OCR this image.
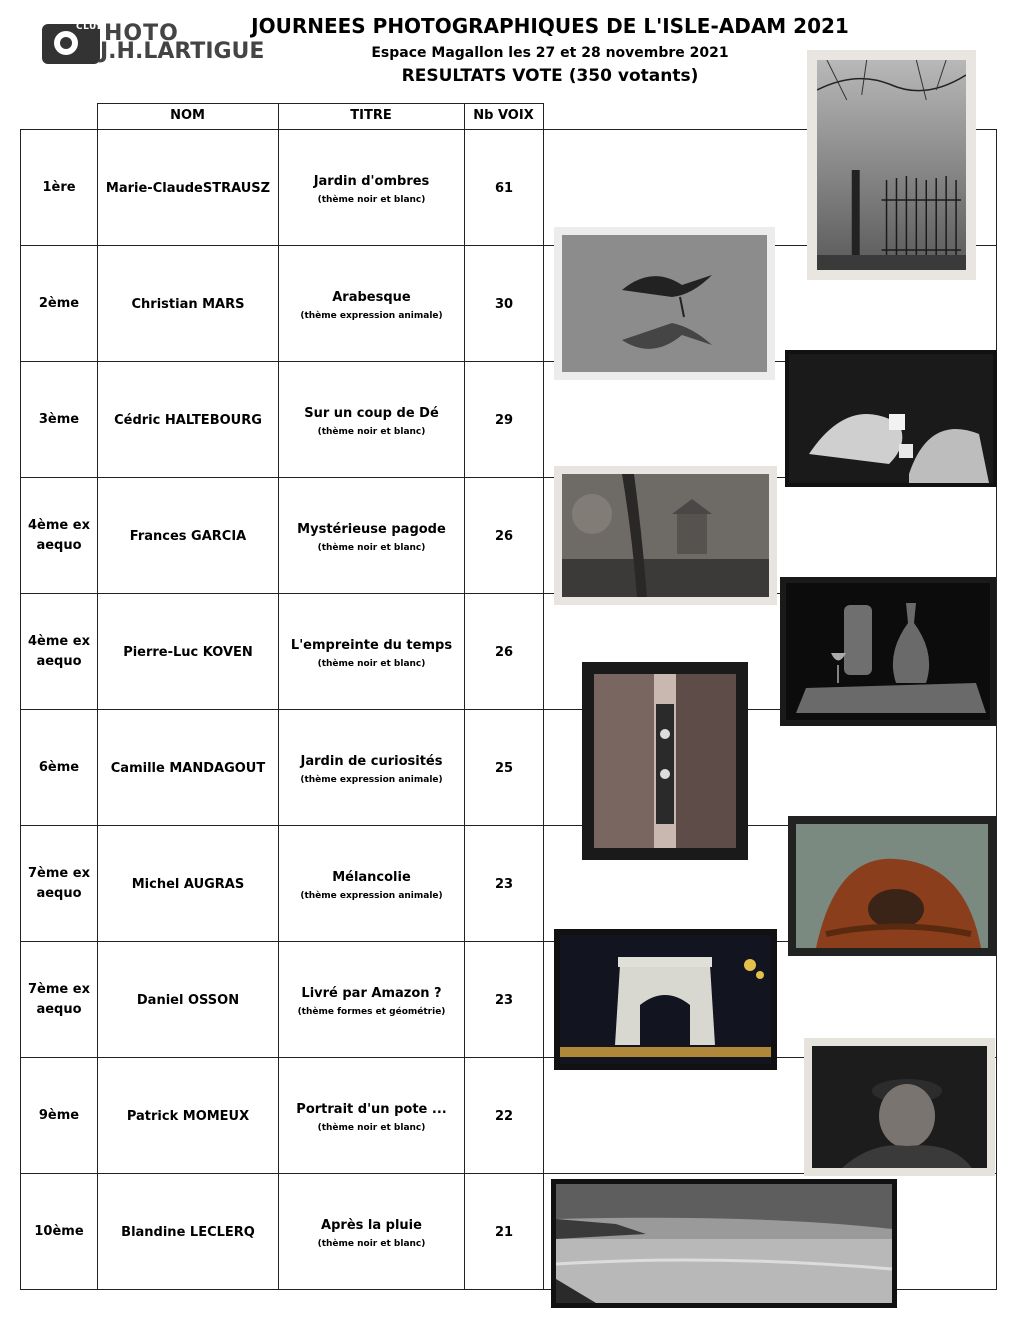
CLUB HOTO
J.H.LARTIGUE
JOURNEES PHOTOGRAPHIQUES DE L'ISLE-ADAM 2021
Espace Magallon les 27 et 28 novembre 2021
RESULTATS VOTE (350 votants)
NOM	TITRE	Nb VOIX
1ère Marie-ClaudeSTRAUSZ	Jardin d'ombres
(thème noir et blanc)
61
2ème	Christian MARS	Arabesque
(thème expression animale)
30
3ème	Cédric HALTEBOURG	Sur un coup de Dé
(thème noir et blanc)
29
4ème ex aequo
Frances GARCIA	Mystérieuse pagode
(thème noir et blanc)
26
4ème ex aequo
Pierre-Luc KOVEN	L'empreinte du temps
(thème noir et blanc)
26
6ème Camille MANDAGOUT	Jardin de curiosités
(thème expression animale)
25
7ème ex aequo
Michel AUGRAS	Mélancolie
(thème expression animale)
23
7ème ex aequo
Daniel OSSON	Livré par Amazon ?
(thème formes et géométrie)
23
9ème	Patrick MOMEUX	Portrait d'un pote ...
(thème noir et blanc)
22
10ème	Blandine LECLERQ	Après la pluie
(thème noir et blanc)
21
